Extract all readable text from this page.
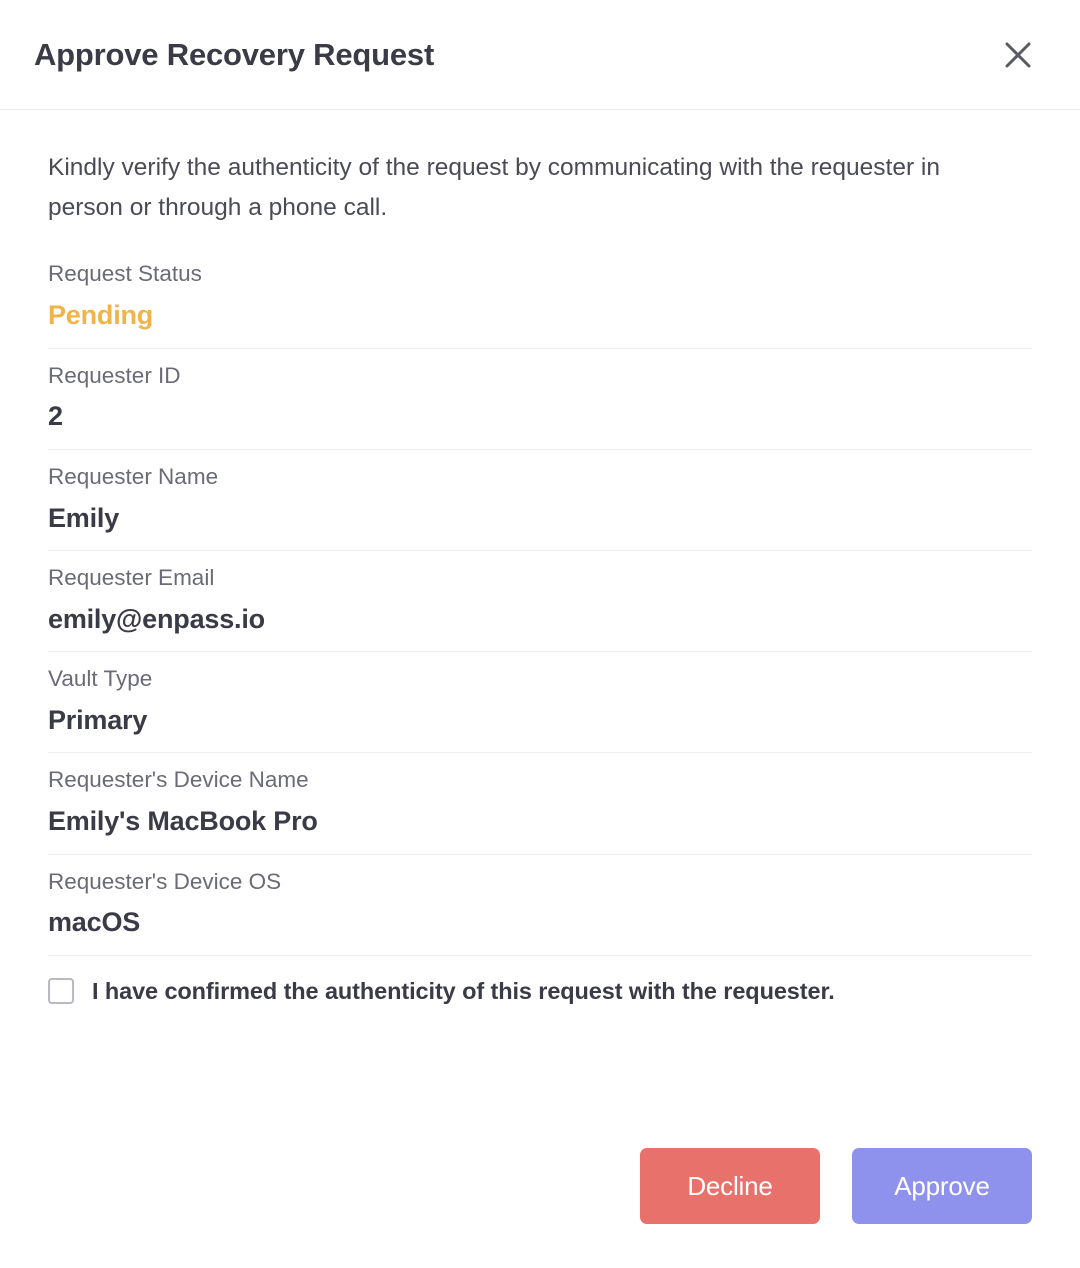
Approve Recovery Request

Kindly verify the authenticity of the request by communicating with the requester in person or through a phone call.

Request Status
Pending
Requester ID
2
Requester Name
Emily
Requester Email
emily@enpass.io
Vault Type
Primary
Requester's Device Name
Emily's MacBook Pro
Requester's Device OS
macOS
I have confirmed the authenticity of this request with the requester.
Decline	Approve
